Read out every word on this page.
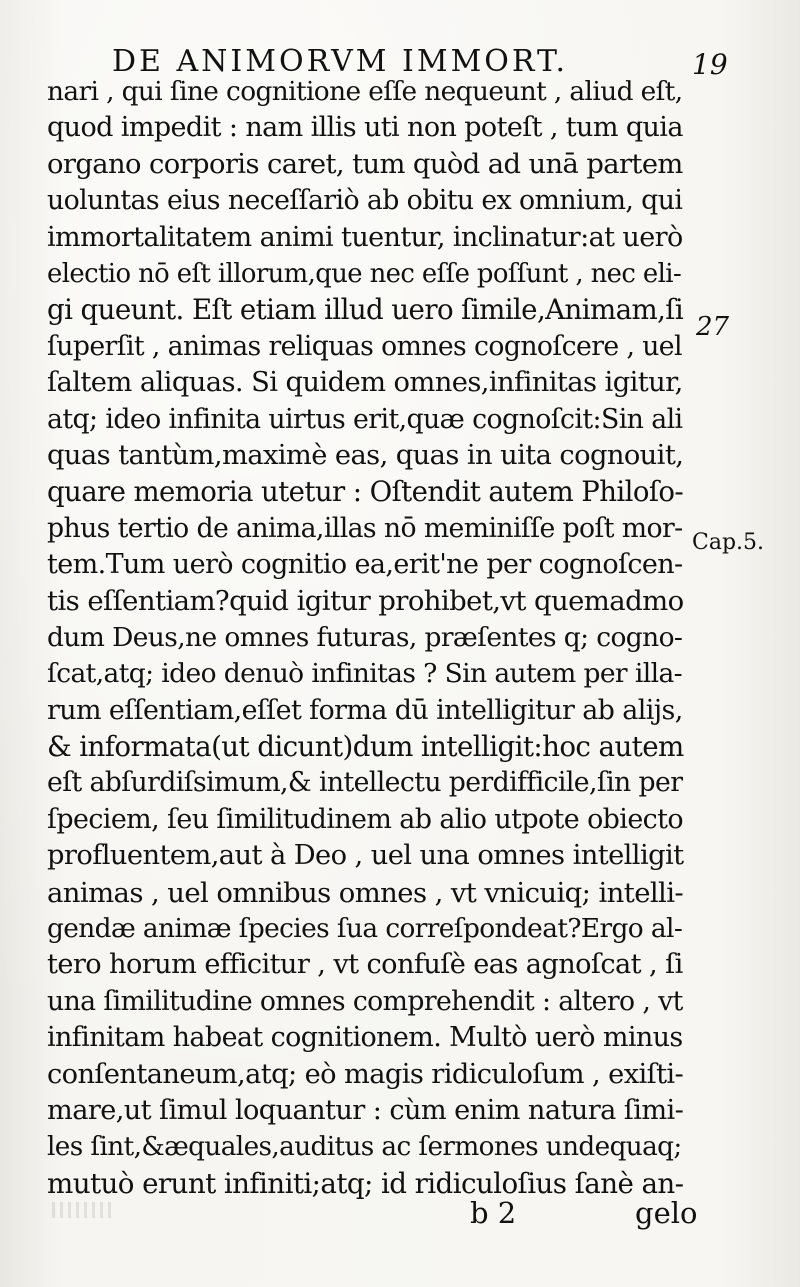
DE ANIMORVM IMMORT.	19
nari , qui ſine cognitione eſſe nequeunt , aliud eſt,
quod impedit : nam illis uti non poteſt , tum quia
organo corporis caret, tum quòd ad unā partem
uoluntas eius neceſſariò ab obitu ex omnium, qui
immortalitatem animi tuentur, inclinatur:at uerò
electio nō eſt illorum,que nec eſſe poſſunt , nec eli-
gi queunt. Eſt etiam illud uero ſimile,Animam,ſi
ſuperſit , animas reliquas omnes cognoſcere , uel
ſaltem aliquas. Si quidem omnes,infinitas igitur,
atq; ideo infinita uirtus erit,quæ cognoſcit:Sin ali
quas tantùm,maximè eas, quas in uita cognouit,
quare memoria utetur : Oſtendit autem Philoſo-
phus tertio de anima,illas nō meminiſſe poſt mor-
tem.Tum uerò cognitio ea,erit'ne per cognoſcen-
tis eſſentiam?quid igitur prohibet,vt quemadmo
dum Deus,ne omnes futuras, præſentes q; cogno-
ſcat,atq; ideo denuò infinitas ? Sin autem per illa-
rum eſſentiam,eſſet forma dū intelligitur ab alijs,
& informata(ut dicunt)dum intelligit:hoc autem
eſt abſurdiſsimum,& intellectu perdifficile,ſin per
ſpeciem, ſeu ſimilitudinem ab alio utpote obiecto
profluentem,aut à Deo , uel una omnes intelligit
animas , uel omnibus omnes , vt vnicuiq; intelli-
gendæ animæ ſpecies ſua correſpondeat?Ergo al-
tero horum efficitur , vt confuſè eas agnoſcat , ſi
una ſimilitudine omnes comprehendit : altero , vt
infinitam habeat cognitionem. Multò uerò minus
conſentaneum,atq; eò magis ridiculoſum , exiſti-
mare,ut ſimul loquantur : cùm enim natura ſimi-
les ſint,&æquales,auditus ac ſermones undequaq;
mutuò erunt infiniti;atq; id ridiculoſius ſanè an-
27
Cap.5.
b 2	gelo
